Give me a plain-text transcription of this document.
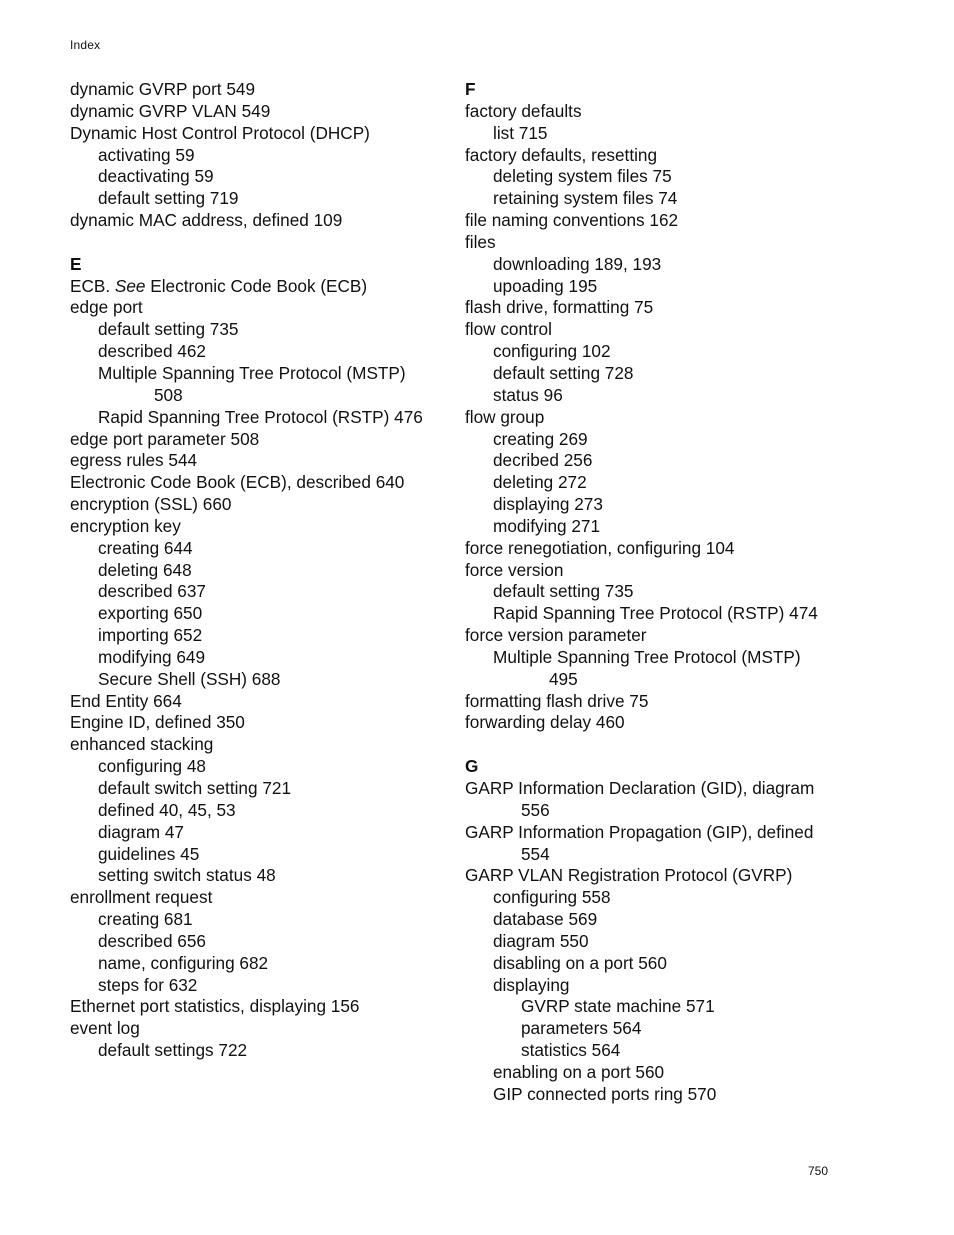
Index
dynamic GVRP port 549
dynamic GVRP VLAN 549
Dynamic Host Control Protocol (DHCP)
activating 59
deactivating 59
default setting 719
dynamic MAC address, defined 109
E
ECB. See Electronic Code Book (ECB)
edge port
default setting 735
described 462
Multiple Spanning Tree Protocol (MSTP)
508
Rapid Spanning Tree Protocol (RSTP) 476
edge port parameter 508
egress rules 544
Electronic Code Book (ECB), described 640
encryption (SSL) 660
encryption key
creating 644
deleting 648
described 637
exporting 650
importing 652
modifying 649
Secure Shell (SSH) 688
End Entity 664
Engine ID, defined 350
enhanced stacking
configuring 48
default switch setting 721
defined 40, 45, 53
diagram 47
guidelines 45
setting switch status 48
enrollment request
creating 681
described 656
name, configuring 682
steps for 632
Ethernet port statistics, displaying 156
event log
default settings 722
F
factory defaults
list 715
factory defaults, resetting
deleting system files 75
retaining system files 74
file naming conventions 162
files
downloading 189, 193
upoading 195
flash drive, formatting 75
flow control
configuring 102
default setting 728
status 96
flow group
creating 269
decribed 256
deleting 272
displaying 273
modifying 271
force renegotiation, configuring 104
force version
default setting 735
Rapid Spanning Tree Protocol (RSTP) 474
force version parameter
Multiple Spanning Tree Protocol (MSTP)
495
formatting flash drive 75
forwarding delay 460
G
GARP Information Declaration (GID), diagram
556
GARP Information Propagation (GIP), defined
554
GARP VLAN Registration Protocol (GVRP)
configuring 558
database 569
diagram 550
disabling on a port 560
displaying
GVRP state machine 571
parameters 564
statistics 564
enabling on a port 560
GIP connected ports ring 570
750
